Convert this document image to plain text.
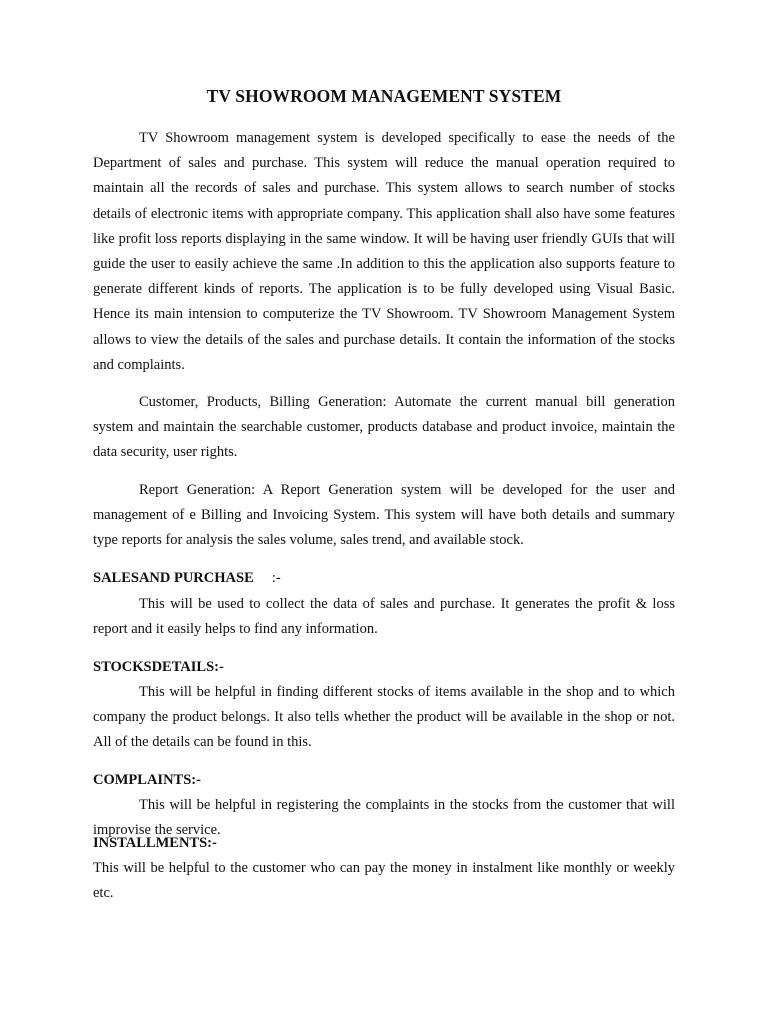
TV SHOWROOM MANAGEMENT SYSTEM

TV Showroom management system is developed specifically to ease the needs of the Department of sales and purchase. This system will reduce the manual operation required to maintain all the records of sales and purchase. This system allows to search number of stocks details of electronic items with appropriate company. This application shall also have some features like profit loss reports displaying in the same window. It will be having user friendly GUIs that will guide the user to easily achieve the same .In addition to this the application also supports feature to generate different kinds of reports. The application is to be fully developed using Visual Basic. Hence its main intension to computerize the TV Showroom. TV Showroom Management System allows to view the details of the sales and purchase details. It contain the information of the stocks and complaints.

Customer, Products, Billing Generation: Automate the current manual bill generation system and maintain the searchable customer, products database and product invoice, maintain the data security, user rights.

Report Generation: A Report Generation system will be developed for the user and management of e Billing and Invoicing System. This system will have both details and summary type reports for analysis the sales volume, sales trend, and available stock.

SALESAND PURCHASE     :-

This will be used to collect the data of sales and purchase. It generates the profit & loss report and it easily helps to find any information.

STOCKSDETAILS:-

This will be helpful in finding different stocks of items available in the shop and to which company the product belongs. It also tells whether the product will be available in the shop or not. All of the details can be found in this.

COMPLAINTS:-

This will be helpful in registering the complaints in the stocks from the customer that will improvise the service.

INSTALLMENTS:-

This will be helpful to the customer who can pay the money in instalment like monthly or weekly etc.
